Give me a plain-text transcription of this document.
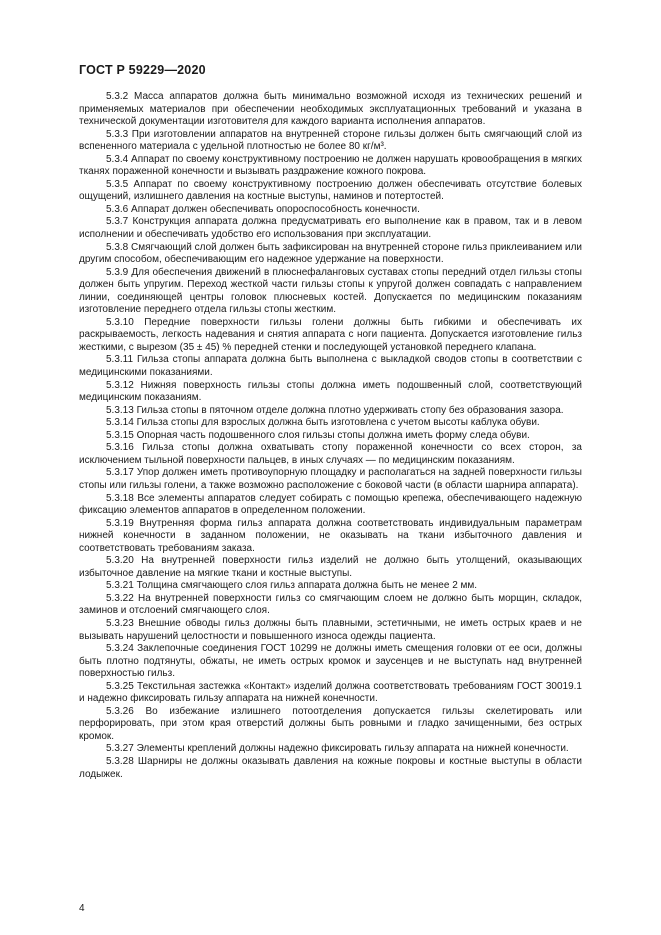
ГОСТ Р 59229—2020

5.3.2 Масса аппаратов должна быть минимально возможной исходя из технических решений и применяемых материалов при обеспечении необходимых эксплуатационных требований и указана в технической документации изготовителя для каждого варианта исполнения аппаратов.

5.3.3 При изготовлении аппаратов на внутренней стороне гильзы должен быть смягчающий слой из вспененного материала с удельной плотностью не более 80 кг/м³.

5.3.4 Аппарат по своему конструктивному построению не должен нарушать кровообращения в мягких тканях пораженной конечности и вызывать раздражение кожного покрова.

5.3.5 Аппарат по своему конструктивному построению должен обеспечивать отсутствие болевых ощущений, излишнего давления на костные выступы, наминов и потертостей.

5.3.6 Аппарат должен обеспечивать опороспособность конечности.

5.3.7 Конструкция аппарата должна предусматривать его выполнение как в правом, так и в левом исполнении и обеспечивать удобство его использования при эксплуатации.

5.3.8 Смягчающий слой должен быть зафиксирован на внутренней стороне гильз приклеиванием или другим способом, обеспечивающим его надежное удержание на поверхности.

5.3.9 Для обеспечения движений в плюснефаланговых суставах стопы передний отдел гильзы стопы должен быть упругим. Переход жесткой части гильзы стопы к упругой должен совпадать с направлением линии, соединяющей центры головок плюсневых костей. Допускается по медицинским показаниям изготовление переднего отдела гильзы стопы жестким.

5.3.10 Передние поверхности гильзы голени должны быть гибкими и обеспечивать их раскрываемость, легкость надевания и снятия аппарата с ноги пациента. Допускается изготовление гильз жесткими, с вырезом (35 ± 45) % передней стенки и последующей установкой переднего клапана.

5.3.11 Гильза стопы аппарата должна быть выполнена с выкладкой сводов стопы в соответствии с медицинскими показаниями.

5.3.12 Нижняя поверхность гильзы стопы должна иметь подошвенный слой, соответствующий медицинским показаниям.

5.3.13 Гильза стопы в пяточном отделе должна плотно удерживать стопу без образования зазора.

5.3.14 Гильза стопы для взрослых должна быть изготовлена с учетом высоты каблука обуви.

5.3.15 Опорная часть подошвенного слоя гильзы стопы должна иметь форму следа обуви.

5.3.16 Гильза стопы должна охватывать стопу пораженной конечности со всех сторон, за исключением тыльной поверхности пальцев, в иных случаях — по медицинским показаниям.

5.3.17 Упор должен иметь противоупорную площадку и располагаться на задней поверхности гильзы стопы или гильзы голени, а также возможно расположение с боковой части (в области шарнира аппарата).

5.3.18 Все элементы аппаратов следует собирать с помощью крепежа, обеспечивающего надежную фиксацию элементов аппаратов в определенном положении.

5.3.19 Внутренняя форма гильз аппарата должна соответствовать индивидуальным параметрам нижней конечности в заданном положении, не оказывать на ткани избыточного давления и соответствовать требованиям заказа.

5.3.20 На внутренней поверхности гильз изделий не должно быть утолщений, оказывающих избыточное давление на мягкие ткани и костные выступы.

5.3.21 Толщина смягчающего слоя гильз аппарата должна быть не менее 2 мм.

5.3.22 На внутренней поверхности гильз со смягчающим слоем не должно быть морщин, складок, заминов и отслоений смягчающего слоя.

5.3.23 Внешние обводы гильз должны быть плавными, эстетичными, не иметь острых краев и не вызывать нарушений целостности и повышенного износа одежды пациента.

5.3.24 Заклепочные соединения ГОСТ 10299 не должны иметь смещения головки от ее оси, должны быть плотно подтянуты, обжаты, не иметь острых кромок и заусенцев и не выступать над внутренней поверхностью гильз.

5.3.25 Текстильная застежка «Контакт» изделий должна соответствовать требованиям ГОСТ 30019.1 и надежно фиксировать гильзу аппарата на нижней конечности.

5.3.26 Во избежание излишнего потоотделения допускается гильзы скелетировать или перфорировать, при этом края отверстий должны быть ровными и гладко зачищенными, без острых кромок.

5.3.27 Элементы креплений должны надежно фиксировать гильзу аппарата на нижней конечности.

5.3.28 Шарниры не должны оказывать давления на кожные покровы и костные выступы в области лодыжек.

4
